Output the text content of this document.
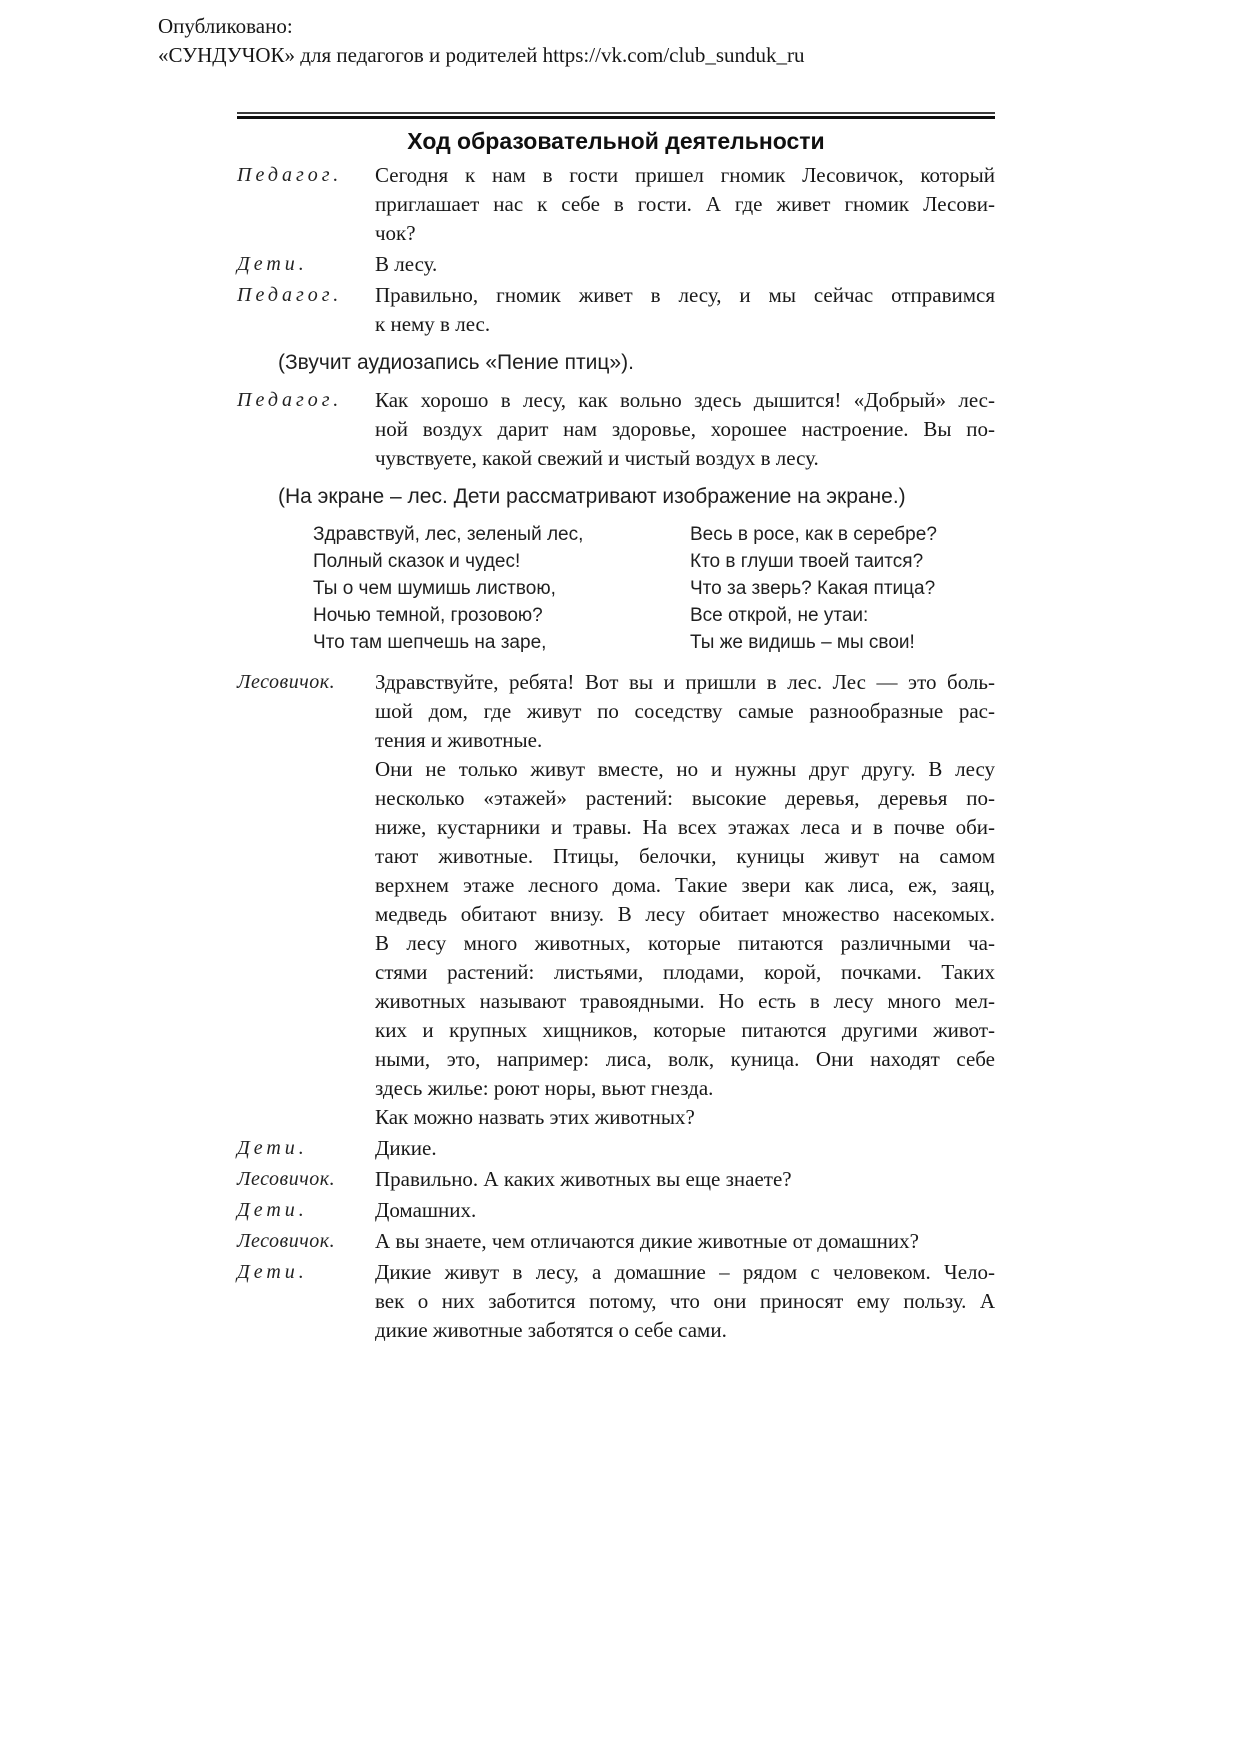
Опубликовано:
«СУНДУЧОК» для педагогов и родителей https://vk.com/club_sunduk_ru
Ход образовательной деятельности
Педагог.	Сегодня к нам в гости пришел гномик Лесовичок, который
приглашает нас к себе в гости. А где живет гномик Лесови-
чок?
Дети.	В лесу.
Педагог.	Правильно, гномик живет в лесу, и мы сейчас отправимся
к нему в лес.
(Звучит аудиозапись «Пение птиц»).
Педагог.	Как хорошо в лесу, как вольно здесь дышится! «Добрый» лес-
ной воздух дарит нам здоровье, хорошее настроение. Вы по-
чувствуете, какой свежий и чистый воздух в лесу.
(На экране – лес. Дети рассматривают изображение на экране.)
Здравствуй, лес, зеленый лес,
Полный сказок и чудес!
Ты о чем шумишь листвою,
Ночью темной, грозовою?
Что там шепчешь на заре,
Весь в росе, как в серебре?
Кто в глуши твоей таится?
Что за зверь? Какая птица?
Все открой, не утаи:
Ты же видишь – мы свои!
Лесовичок.	Здравствуйте, ребята! Вот вы и пришли в лес. Лес — это боль-
шой дом, где живут по соседству самые разнообразные рас-
тения и животные.
Они не только живут вместе, но и нужны друг другу. В лесу
несколько «этажей» растений: высокие деревья, деревья по-
ниже, кустарники и травы. На всех этажах леса и в почве оби-
тают животные. Птицы, белочки, куницы живут на самом
верхнем этаже лесного дома. Такие звери как лиса, еж, заяц,
медведь обитают внизу. В лесу обитает множество насекомых.
В лесу много животных, которые питаются различными ча-
стями растений: листьями, плодами, корой, почками. Таких
животных называют травоядными. Но есть в лесу много мел-
ких и крупных хищников, которые питаются другими живот-
ными, это, например: лиса, волк, куница. Они находят себе
здесь жилье: роют норы, вьют гнезда.
Как можно назвать этих животных?
Дети.	Дикие.
Лесовичок.	Правильно. А каких животных вы еще знаете?
Дети.	Домашних.
Лесовичок.	А вы знаете, чем отличаются дикие животные от домашних?
Дети.	Дикие живут в лесу, а домашние – рядом с человеком. Чело-
век о них заботится потому, что они приносят ему пользу. А
дикие животные заботятся о себе сами.
